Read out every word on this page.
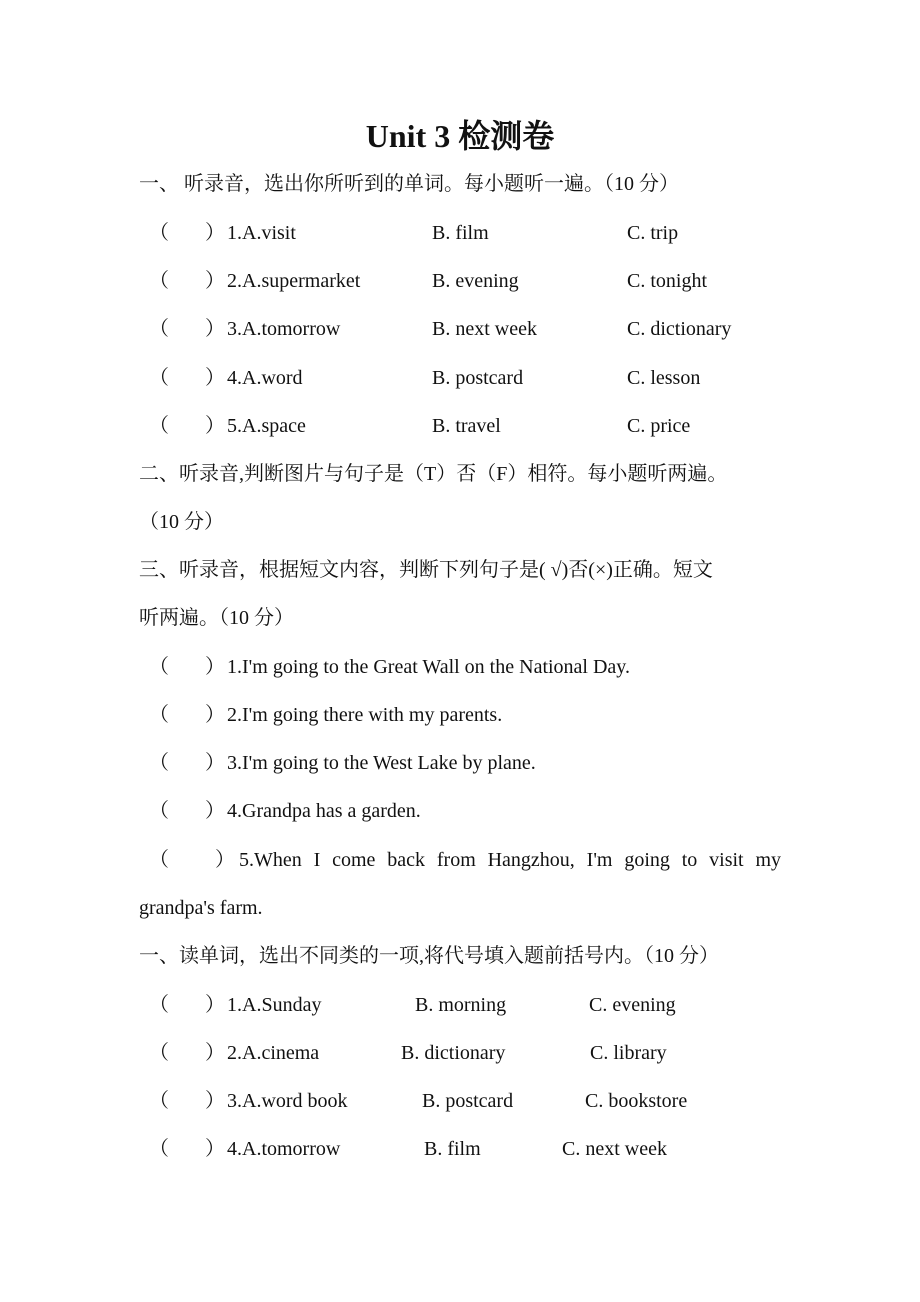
Unit 3 检测卷
一、 听录音，选出你所听到的单词。每小题听一遍。（10 分）
（ ） 1.A.visit	B. film	C. trip
（ ） 2.A.supermarket	B. evening	C. tonight
（ ） 3.A.tomorrow	B. next week	C. dictionary
（ ） 4.A.word	B. postcard	C. lesson
（ ） 5.A.space	B. travel	C. price
二、听录音,判断图片与句子是（T）否（F）相符。每小题听两遍。
（10 分）
三、听录音，根据短文内容，判断下列句子是( √)否(×)正确。短文
听两遍。（10 分）
（ ） 1.I'm going to the Great Wall on the National Day.
（ ） 2.I'm going there with my parents.
（ ） 3.I'm going to the West Lake by plane.
（ ） 4.Grandpa has a garden.
（ ） 5.When I come back from Hangzhou, I'm going to visit my
grandpa's farm.
一、读单词，选出不同类的一项,将代号填入题前括号内。（10 分）
（ ） 1.A.Sunday	B. morning	C. evening
（ ） 2.A.cinema	B. dictionary	C. library
（ ） 3.A.word book	B. postcard	C. bookstore
（ ） 4.A.tomorrow	B. film	C. next week
